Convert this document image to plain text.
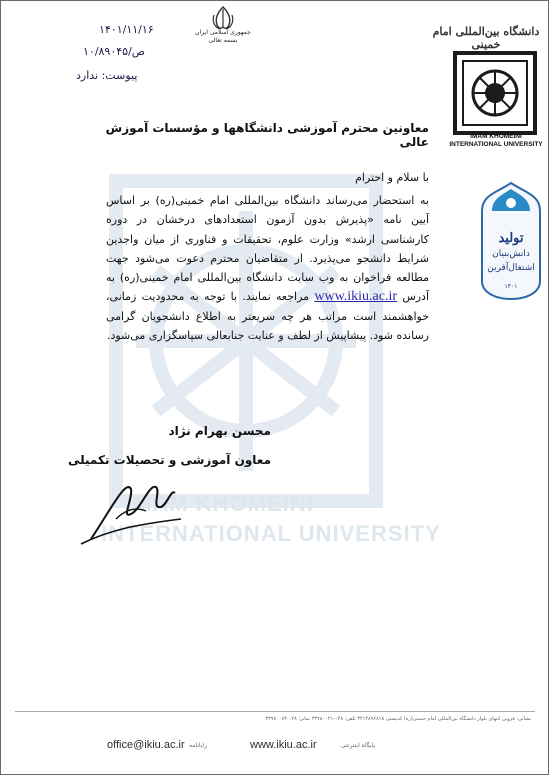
IMAM KHOMEINI
INTERNATIONAL UNIVERSITY
۱۴۰۱/۱۱/۱۶
۱۰/۸۹۰۴۵/ص
پیوست: ندارد
جمهوری اسلامی ایران
بسمه تعالی
دانشگاه بین‌المللی امام خمینی
IMAM KHOMEINI
INTERNATIONAL UNIVERSITY
تولید
دانش‌بنیان
اشتغال‌آفرین
۱۴۰۱
معاونین محترم آموزشی دانشگاهها و مؤسسات آموزش عالی
با سلام و احترام
به استحضار می‌رساند دانشگاه بین‌المللی امام خمینی(ره) بر اساس آیین نامه «پذیرش بدون آزمون استعدادهای درخشان در دوره کارشناسی ارشد» وزارت علوم، تحقیقات و فناوری از میان واجدین شرایط دانشجو می‌پذیرد. از متقاضیان محترم دعوت می‌شود جهت مطالعه فراخوان به وب سایت دانشگاه بین‌المللی امام خمینی(ره) به آدرس www.ikiu.ac.ir مراجعه نمایند. با توجه به محدودیت زمانی، خواهشمند است مراتب هر چه سریعتر به اطلاع دانشجویان گرامی رسانده شود. پیشاپیش از لطف و عنایت جنابعالی سپاسگزاری می‌شود.
محسن بهرام نژاد
معاون آموزشی و تحصیلات تکمیلی
نشانی: قزوین انتهای بلوار دانشگاه بین‌المللی امام خمینی(ره) کدپستی ۳۴۱۴۸۹۶۸۱۸ تلفن: ۰۲۸-۳۳۷۸۰۰۲۱ نمابر: ۰۲۸-۳۳۷۸۰۰۸۴
office@ikiu.ac.ir رایانامه	www.ikiu.ac.ir	پایگاه اینترنتی
